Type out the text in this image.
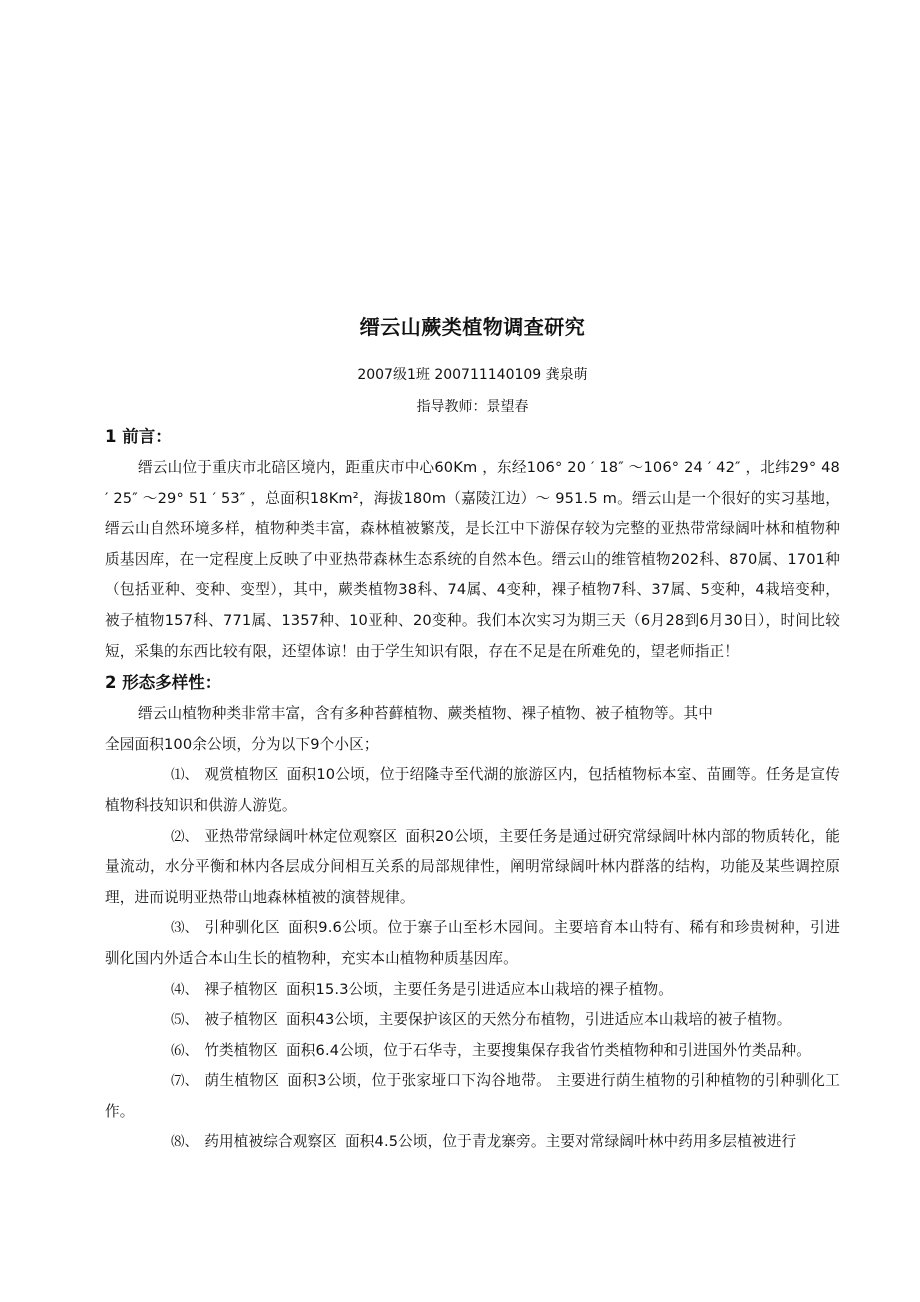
缙云山蕨类植物调查研究
2007级1班 200711140109 龚泉萌
指导教师：景望春

1 前言：

缙云山位于重庆市北碚区境内，距重庆市中心60Km ，东经106° 20 ′ 18″ ～106° 24 ′ 42″ ，北纬29° 48 ′ 25″ ～29° 51 ′ 53″ ，总面积18Km²，海拔180m（嘉陵江边）～ 951.5 m。缙云山是一个很好的实习基地，缙云山自然环境多样，植物种类丰富，森林植被繁茂，是长江中下游保存较为完整的亚热带常绿阔叶林和植物种质基因库，在一定程度上反映了中亚热带森林生态系统的自然本色。缙云山的维管植物202科、870属、1701种（包括亚种、变种、变型），其中，蕨类植物38科、74属、4变种，裸子植物7科、37属、5变种，4栽培变种，被子植物157科、771属、1357种、10亚种、20变种。我们本次实习为期三天（6月28到6月30日），时间比较短，采集的东西比较有限，还望体谅！由于学生知识有限，存在不足是在所难免的，望老师指正！

2 形态多样性：

缙云山植物种类非常丰富，含有多种苔藓植物、蕨类植物、裸子植物、被子植物等。其中

全园面积100余公顷，分为以下9个小区；

⑴、 观赏植物区 面积10公顷，位于绍隆寺至代湖的旅游区内，包括植物标本室、苗圃等。任务是宣传植物科技知识和供游人游览。

⑵、 亚热带常绿阔叶林定位观察区 面积20公顷，主要任务是通过研究常绿阔叶林内部的物质转化，能量流动，水分平衡和林内各层成分间相互关系的局部规律性，阐明常绿阔叶林内群落的结构，功能及某些调控原理，进而说明亚热带山地森林植被的演替规律。

⑶、 引种驯化区 面积9.6公顷。位于寨子山至杉木园间。主要培育本山特有、稀有和珍贵树种，引进驯化国内外适合本山生长的植物种，充实本山植物种质基因库。

⑷、 裸子植物区 面积15.3公顷，主要任务是引进适应本山栽培的裸子植物。

⑸、 被子植物区 面积43公顷，主要保护该区的天然分布植物，引进适应本山栽培的被子植物。

⑹、 竹类植物区 面积6.4公顷，位于石华寺，主要搜集保存我省竹类植物种和引进国外竹类品种。

⑺、 荫生植物区 面积3公顷，位于张家垭口下沟谷地带。 主要进行荫生植物的引种植物的引种驯化工作。

⑻、 药用植被综合观察区 面积4.5公顷，位于青龙寨旁。主要对常绿阔叶林中药用多层植被进行
